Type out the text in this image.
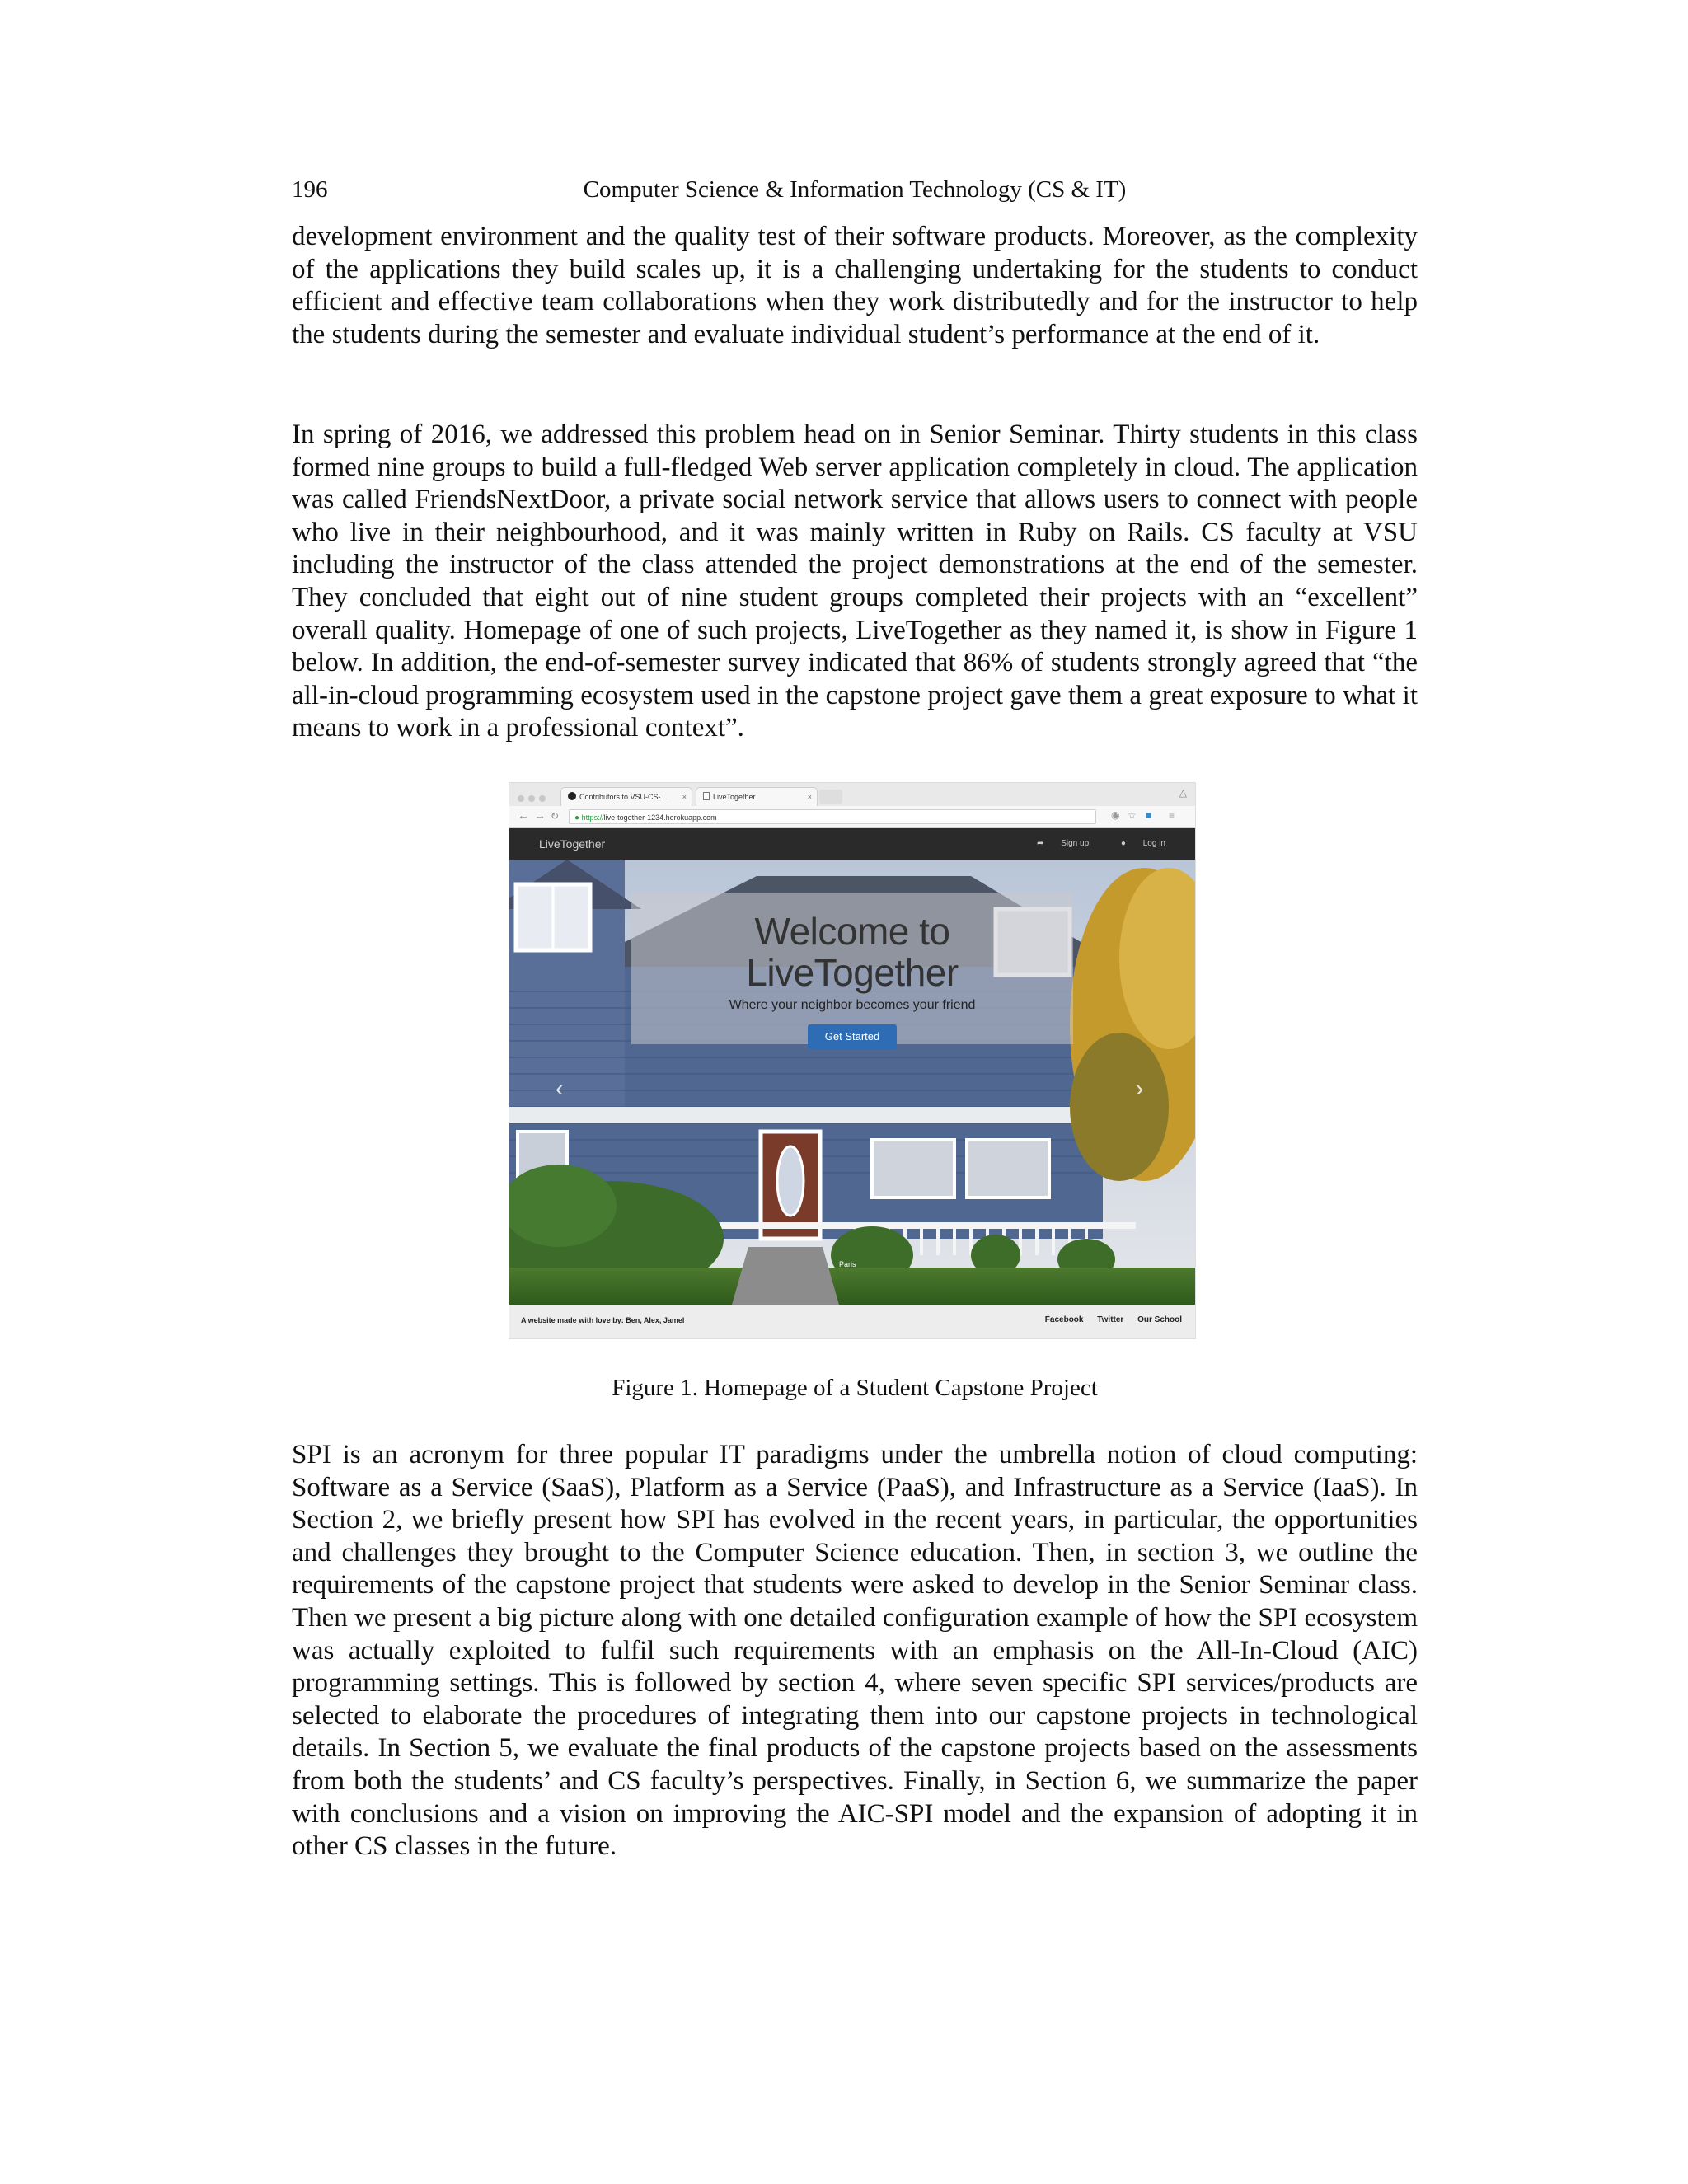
196	Computer Science & Information Technology (CS & IT)

development environment and the quality test of their software products. Moreover, as the complexity of the applications they build scales up, it is a challenging undertaking for the students to conduct efficient and effective team collaborations when they work distributedly and for the instructor to help the students during the semester and evaluate individual student’s performance at the end of it.

In spring of 2016, we addressed this problem head on in Senior Seminar. Thirty students in this class formed nine groups to build a full-fledged Web server application completely in cloud. The application was called FriendsNextDoor, a private social network service that allows users to connect with people who live in their neighbourhood, and it was mainly written in Ruby on Rails. CS faculty at VSU including the instructor of the class attended the project demonstrations at the end of the semester. They concluded that eight out of nine student groups completed their projects with an “excellent” overall quality. Homepage of one of such projects, LiveTogether as they named it, is show in Figure 1 below. In addition, the end-of-semester survey indicated that 86% of students strongly agreed that “the all-in-cloud programming ecosystem used in the capstone project gave them a great exposure to what it means to work in a professional context”.

Contributors to VSU-CS-... ×	LiveTogether	×	△
← → ↻	● https://live-together-1234.herokuapp.com	◉ ☆ ■ ≡
LiveTogether	➦ Sign up	● Log in
Welcome to
LiveTogether
Where your neighbor becomes your friend
Get Started
‹	›
Paris
A website made with love by: Ben, Alex, Jamel	Facebook Twitter Our School
Figure 1. Homepage of a Student Capstone Project

SPI is an acronym for three popular IT paradigms under the umbrella notion of cloud computing: Software as a Service (SaaS), Platform as a Service (PaaS), and Infrastructure as a Service (IaaS). In Section 2, we briefly present how SPI has evolved in the recent years, in particular, the opportunities and challenges they brought to the Computer Science education. Then, in section 3, we outline the requirements of the capstone project that students were asked to develop in the Senior Seminar class. Then we present a big picture along with one detailed configuration example of how the SPI ecosystem was actually exploited to fulfil such requirements with an emphasis on the All-In-Cloud (AIC) programming settings. This is followed by section 4, where seven specific SPI services/products are selected to elaborate the procedures of integrating them into our capstone projects in technological details. In Section 5, we evaluate the final products of the capstone projects based on the assessments from both the students’ and CS faculty’s perspectives. Finally, in Section 6, we summarize the paper with conclusions and a vision on improving the AIC-SPI model and the expansion of adopting it in other CS classes in the future.
